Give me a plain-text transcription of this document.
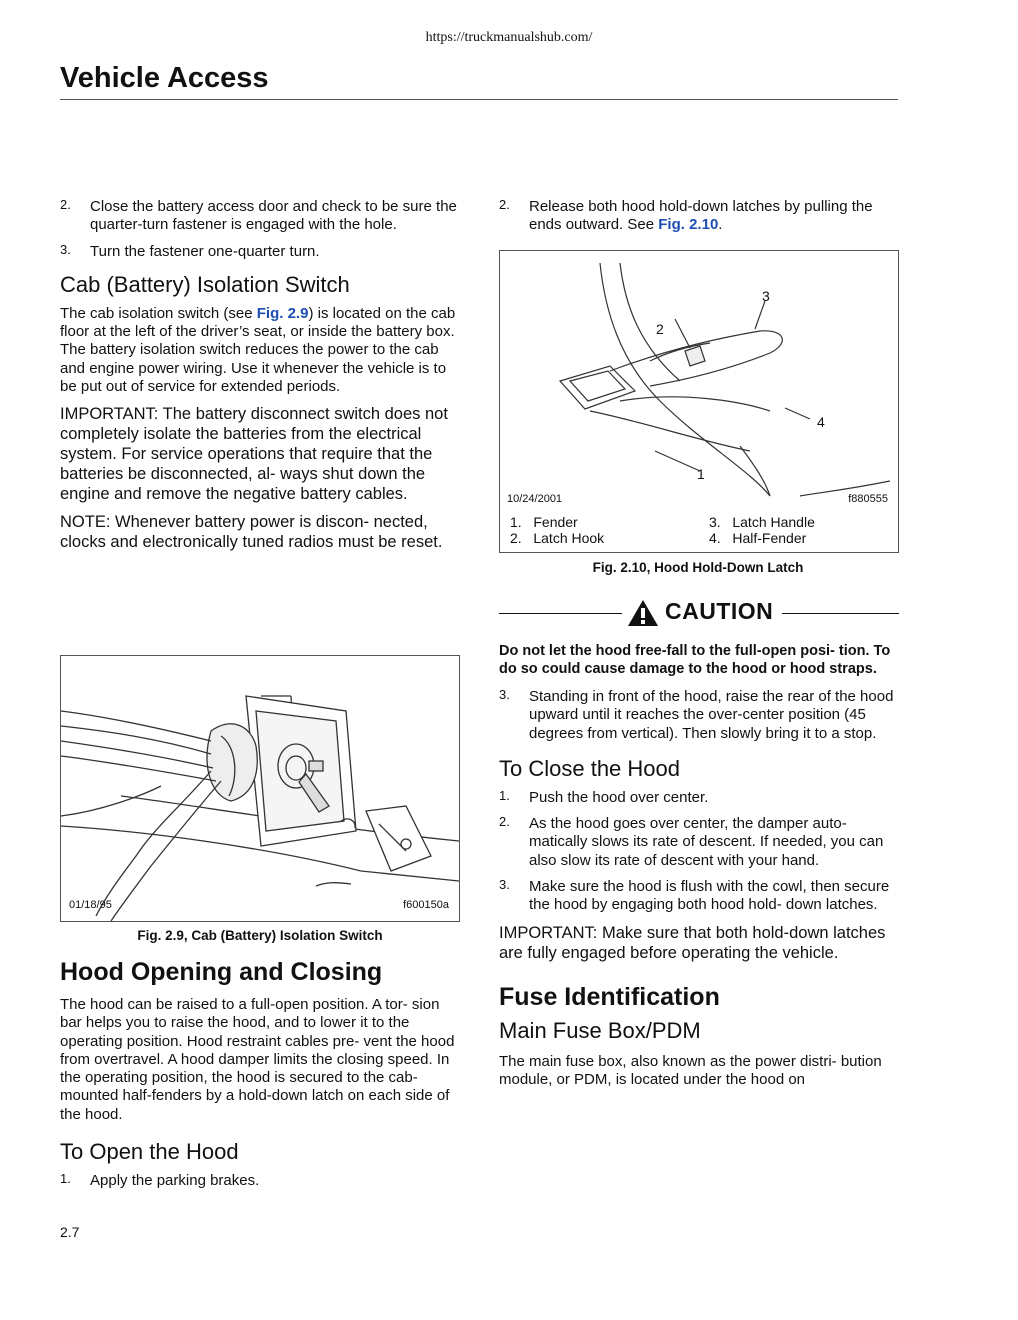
https://truckmanualshub.com/
Vehicle Access
2. Close the battery access door and check to be sure the quarter-turn fastener is engaged with the hole.
3. Turn the fastener one-quarter turn.
Cab (Battery) Isolation Switch

The cab isolation switch (see Fig. 2.9) is located on the cab floor at the left of the driver’s seat, or inside the battery box. The battery isolation switch reduces the power to the cab and engine power wiring. Use it whenever the vehicle is to be put out of service for extended periods.

IMPORTANT: The battery disconnect switch does not completely isolate the batteries from the electrical system. For service operations that require that the batteries be disconnected, al- ways shut down the engine and remove the negative battery cables.

NOTE: Whenever battery power is discon- nected, clocks and electronically tuned radios must be reset.

01/18/95	f600150a
Fig. 2.9, Cab (Battery) Isolation Switch
Hood Opening and Closing

The hood can be raised to a full-open position. A tor- sion bar helps you to raise the hood, and to lower it to the operating position. Hood restraint cables pre- vent the hood from overtravel. A hood damper limits the closing speed. In the operating position, the hood is secured to the cab-mounted half-fenders by a hold-down latch on each side of the hood.

To Open the Hood
1. Apply the parking brakes.
2. Release both hood hold-down latches by pulling the ends outward. See Fig. 2.10.
1
2
3
4
10/24/2001	f880555
1. Fender
2. Latch Hook
3. Latch Handle
4. Half-Fender
Fig. 2.10, Hood Hold-Down Latch
CAUTION

Do not let the hood free-fall to the full-open posi- tion. To do so could cause damage to the hood or hood straps.

3. Standing in front of the hood, raise the rear of the hood upward until it reaches the over-center position (45 degrees from vertical). Then slowly bring it to a stop.
To Close the Hood
1. Push the hood over center.
2. As the hood goes over center, the damper auto- matically slows its rate of descent. If needed, you can also slow its rate of descent with your hand.
3. Make sure the hood is flush with the cowl, then secure the hood by engaging both hood hold- down latches.

IMPORTANT: Make sure that both hold-down latches are fully engaged before operating the vehicle.

Fuse Identification
Main Fuse Box/PDM

The main fuse box, also known as the power distri- bution module, or PDM, is located under the hood on

2.7
